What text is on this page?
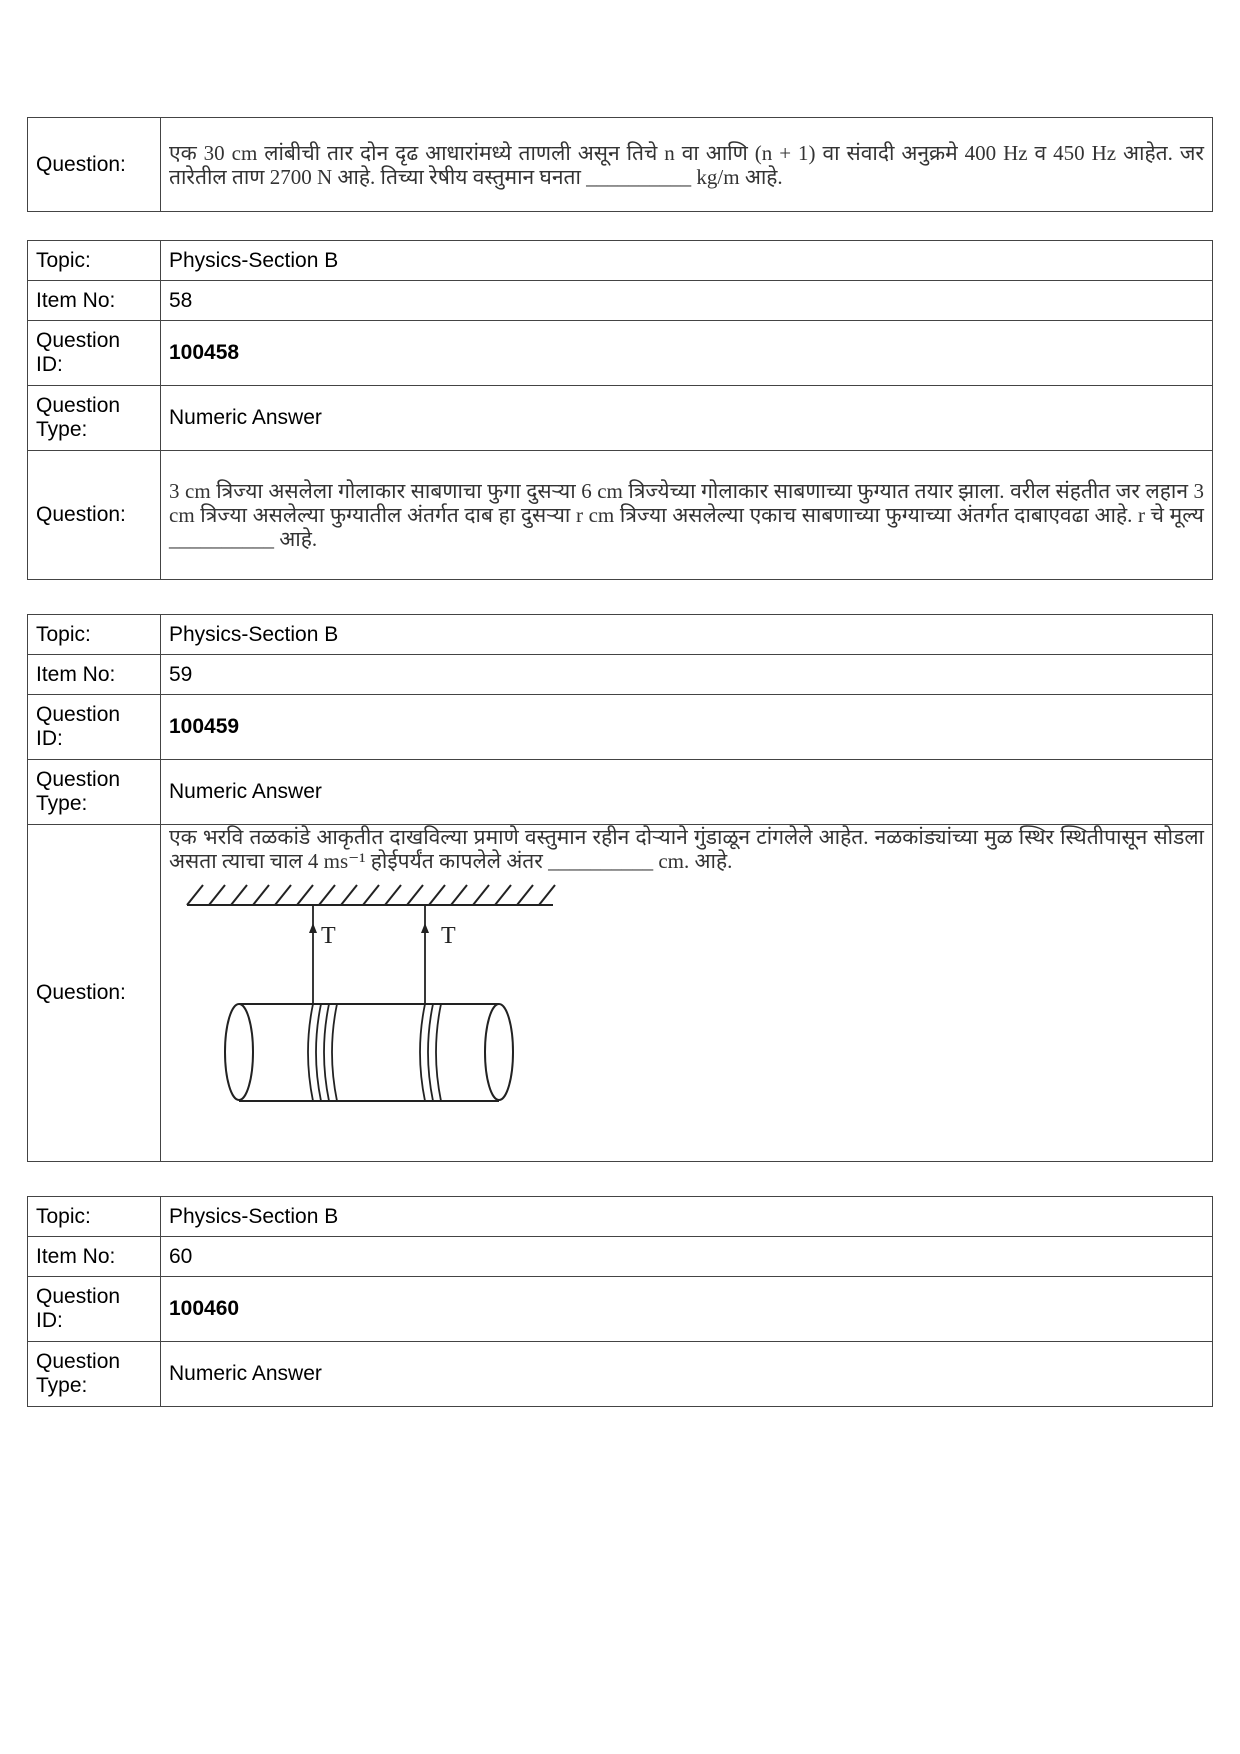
Question:	एक 30 cm लांबीची तार दोन दृढ आधारांमध्ये ताणली असून तिचे n वा आणि (n + 1) वा संवादी अनुक्रमे 400 Hz व 450 Hz आहेत. जर तारेतील ताण 2700 N आहे. तिच्या रेषीय वस्तुमान घनता __________ kg/m आहे.
Topic:	Physics-Section B
Item No:	58
Question ID:	100458
Question Type:	Numeric Answer
Question:	3 cm त्रिज्या असलेला गोलाकार साबणाचा फुगा दुसऱ्या 6 cm त्रिज्येच्या गोलाकार साबणाच्या फुग्यात तयार झाला. वरील संहतीत जर लहान 3 cm त्रिज्या असलेल्या फुग्यातील अंतर्गत दाब हा दुसऱ्या r cm त्रिज्या असलेल्या एकाच साबणाच्या फुग्याच्या अंतर्गत दाबाएवढा आहे. r चे मूल्य __________ आहे.
Topic:	Physics-Section B
Item No:	59
Question ID:	100459
Question Type:	Numeric Answer
Question:	एक भरवि तळकांडे आकृतीत दाखविल्या प्रमाणे वस्तुमान रहीन दोऱ्याने गुंडाळून टांगलेले आहेत. नळकांड्यांच्या मुळ स्थिर स्थितीपासून सोडला असता त्याचा चाल 4 ms⁻¹ होईपर्यंत कापलेले अंतर __________ cm. आहे.
T T
Topic:	Physics-Section B
Item No:	60
Question ID:	100460
Question Type:	Numeric Answer
